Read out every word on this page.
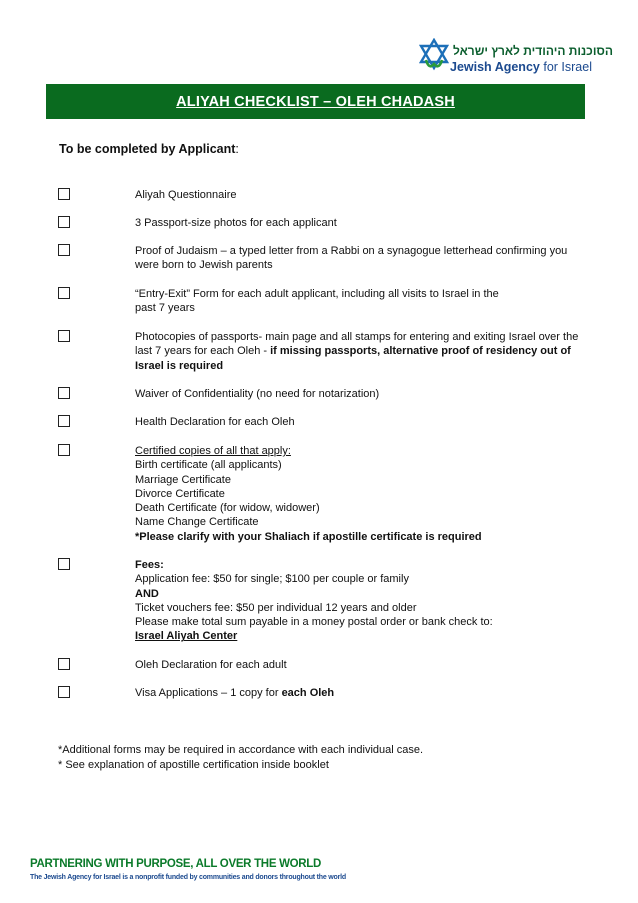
הסוכנות היהודית לארץ ישראל
Jewish Agency for Israel
ALIYAH CHECKLIST – OLEH CHADASH
To be completed by Applicant:
Aliyah Questionnaire
3 Passport-size photos for each applicant
Proof of Judaism – a typed letter from a Rabbi on a synagogue letterhead confirming you
were born to Jewish parents
“Entry-Exit” Form for each adult applicant, including all visits to Israel in the
past 7 years
Photocopies of passports- main page and all stamps for entering and exiting Israel over the
last 7 years for each Oleh - if missing passports, alternative proof of residency out of
Israel is required
Waiver of Confidentiality (no need for notarization)
Health Declaration for each Oleh
Certified copies of all that apply:
Birth certificate (all applicants)
Marriage Certificate
Divorce Certificate
Death Certificate (for widow, widower)
Name Change Certificate
*Please clarify with your Shaliach if apostille certificate is required
Fees:
Application fee: $50 for single; $100 per couple or family
AND
Ticket vouchers fee: $50 per individual 12 years and older
Please make total sum payable in a money postal order or bank check to:
Israel Aliyah Center
Oleh Declaration for each adult
Visa Applications – 1 copy for each Oleh
*Additional forms may be required in accordance with each individual case.
* See explanation of apostille certification inside booklet
PARTNERING WITH PURPOSE, ALL OVER THE WORLD
The Jewish Agency for Israel is a nonprofit funded by communities and donors throughout the world
